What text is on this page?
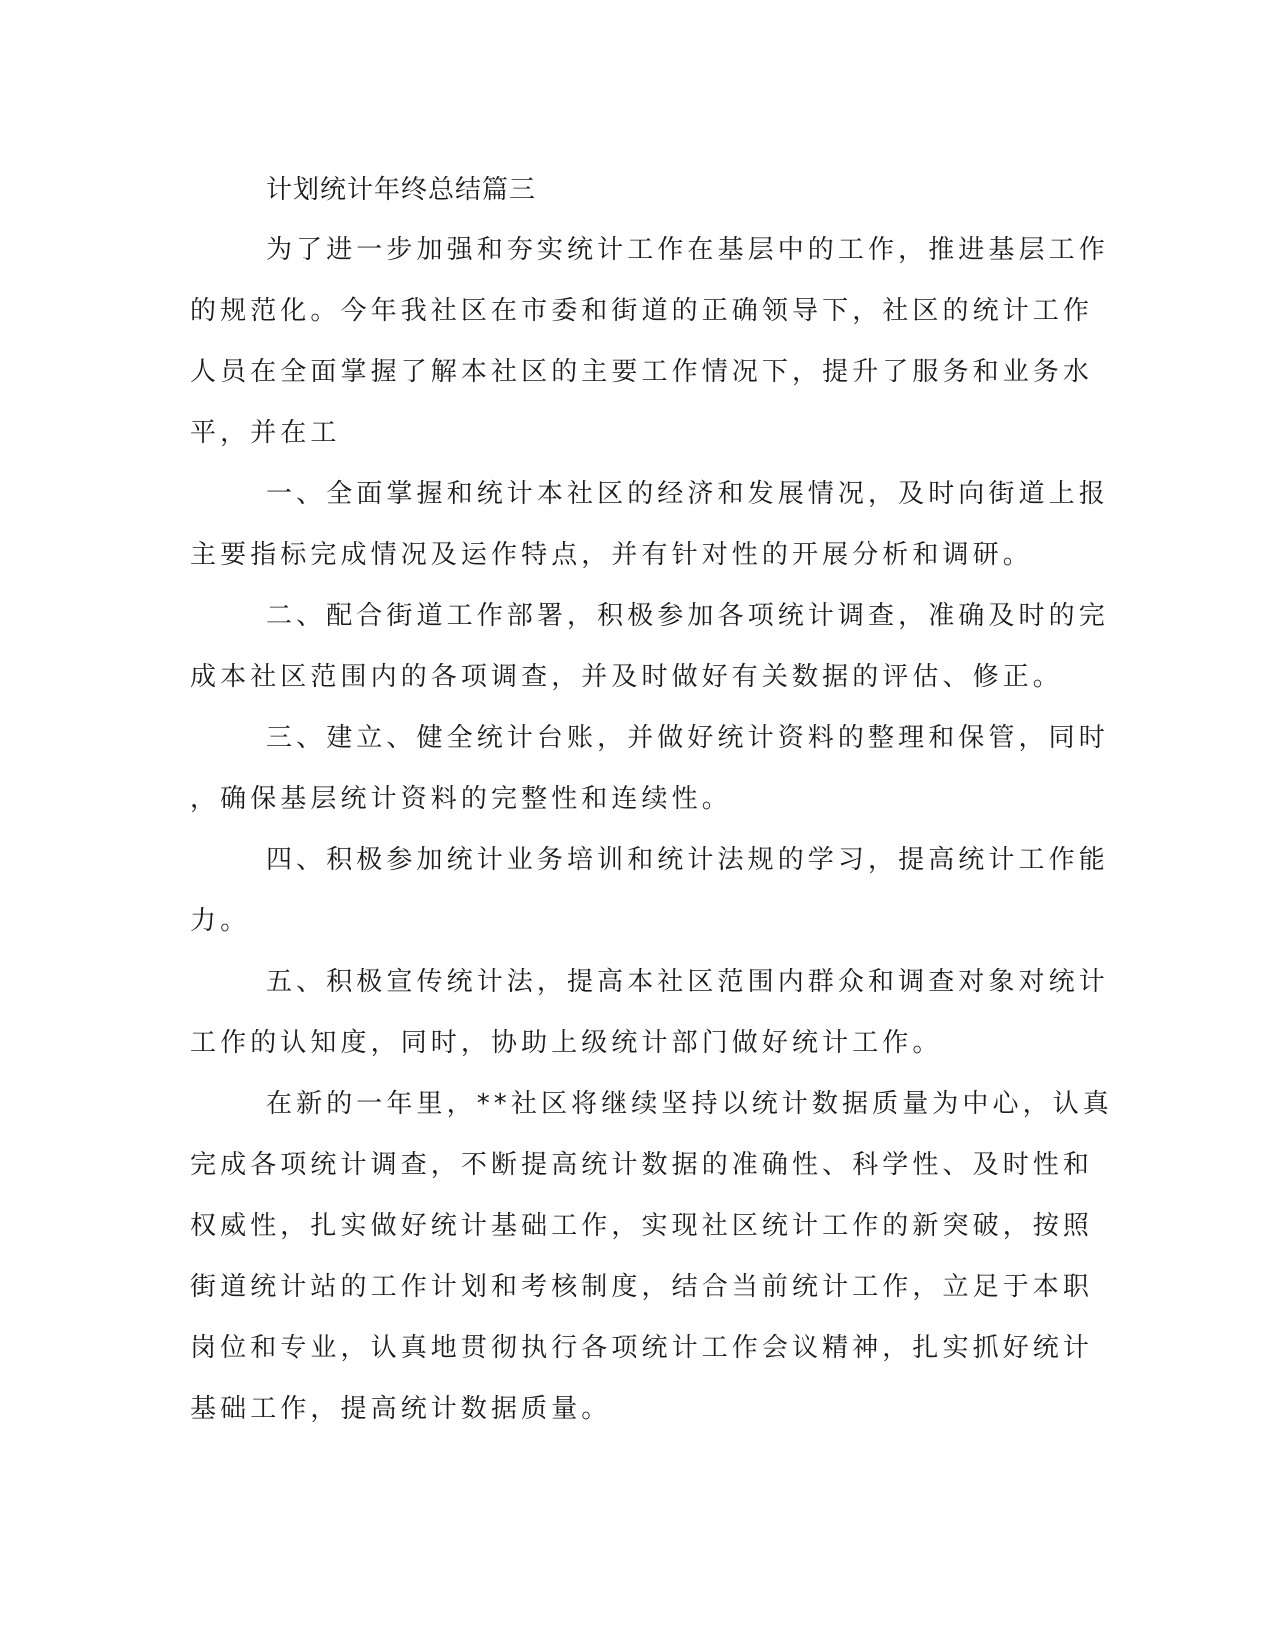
计划统计年终总结篇三

为了进一步加强和夯实统计工作在基层中的工作，推进基层工作
的规范化。今年我社区在市委和街道的正确领导下，社区的统计工作
人员在全面掌握了解本社区的主要工作情况下，提升了服务和业务水
平，并在工

一、全面掌握和统计本社区的经济和发展情况，及时向街道上报
主要指标完成情况及运作特点，并有针对性的开展分析和调研。

二、配合街道工作部署，积极参加各项统计调查，准确及时的完
成本社区范围内的各项调查，并及时做好有关数据的评估、修正。

三、建立、健全统计台账，并做好统计资料的整理和保管，同时
，确保基层统计资料的完整性和连续性。

四、积极参加统计业务培训和统计法规的学习，提高统计工作能
力。

五、积极宣传统计法，提高本社区范围内群众和调查对象对统计
工作的认知度，同时，协助上级统计部门做好统计工作。

在新的一年里，**社区将继续坚持以统计数据质量为中心，认真
完成各项统计调查，不断提高统计数据的准确性、科学性、及时性和
权威性，扎实做好统计基础工作，实现社区统计工作的新突破，按照
街道统计站的工作计划和考核制度，结合当前统计工作，立足于本职
岗位和专业，认真地贯彻执行各项统计工作会议精神，扎实抓好统计
基础工作，提高统计数据质量。
